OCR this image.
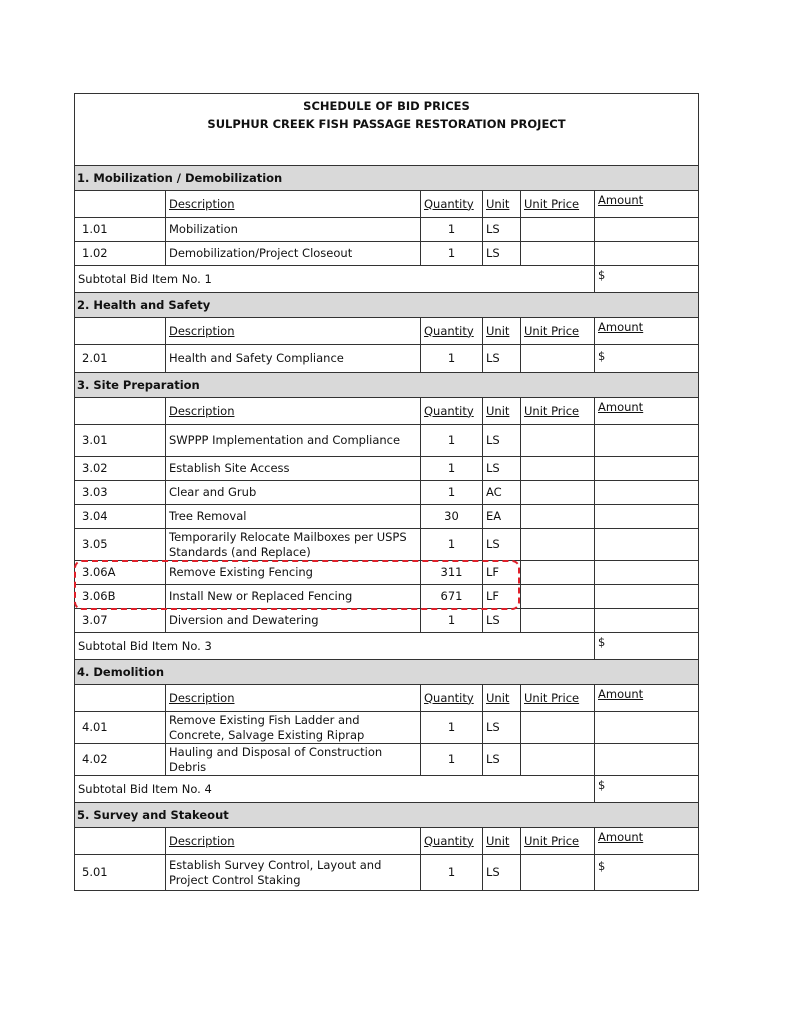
SCHEDULE OF BID PRICES
SULPHUR CREEK FISH PASSAGE RESTORATION PROJECT					

1. Mobilization / Demobilization					
	Description	Quantity	Unit	Unit Price	Amount
1.01	Mobilization	1	LS		
1.02	Demobilization/Project Closeout	1	LS		
Subtotal Bid Item No. 1					$
2. Health and Safety					
	Description	Quantity	Unit	Unit Price	Amount
2.01	Health and Safety Compliance	1	LS		$
3. Site Preparation					
	Description	Quantity	Unit	Unit Price	Amount
3.01	SWPPP Implementation and Compliance	1	LS		
3.02	Establish Site Access	1	LS		
3.03	Clear and Grub	1	AC		
3.04	Tree Removal	30	EA		
3.05	Temporarily Relocate Mailboxes per USPS Standards (and Replace)	1	LS		
3.06A	Remove Existing Fencing	311	LF		
3.06B	Install New or Replaced Fencing	671	LF		
3.07	Diversion and Dewatering	1	LS		
Subtotal Bid Item No. 3					$
4. Demolition					
	Description	Quantity	Unit	Unit Price	Amount
4.01	Remove Existing Fish Ladder and Concrete, Salvage Existing Riprap	1	LS		
4.02	Hauling and Disposal of Construction Debris	1	LS		
Subtotal Bid Item No. 4					$
5. Survey and Stakeout					
	Description	Quantity	Unit	Unit Price	Amount
5.01	Establish Survey Control, Layout and Project Control Staking	1	LS		$
